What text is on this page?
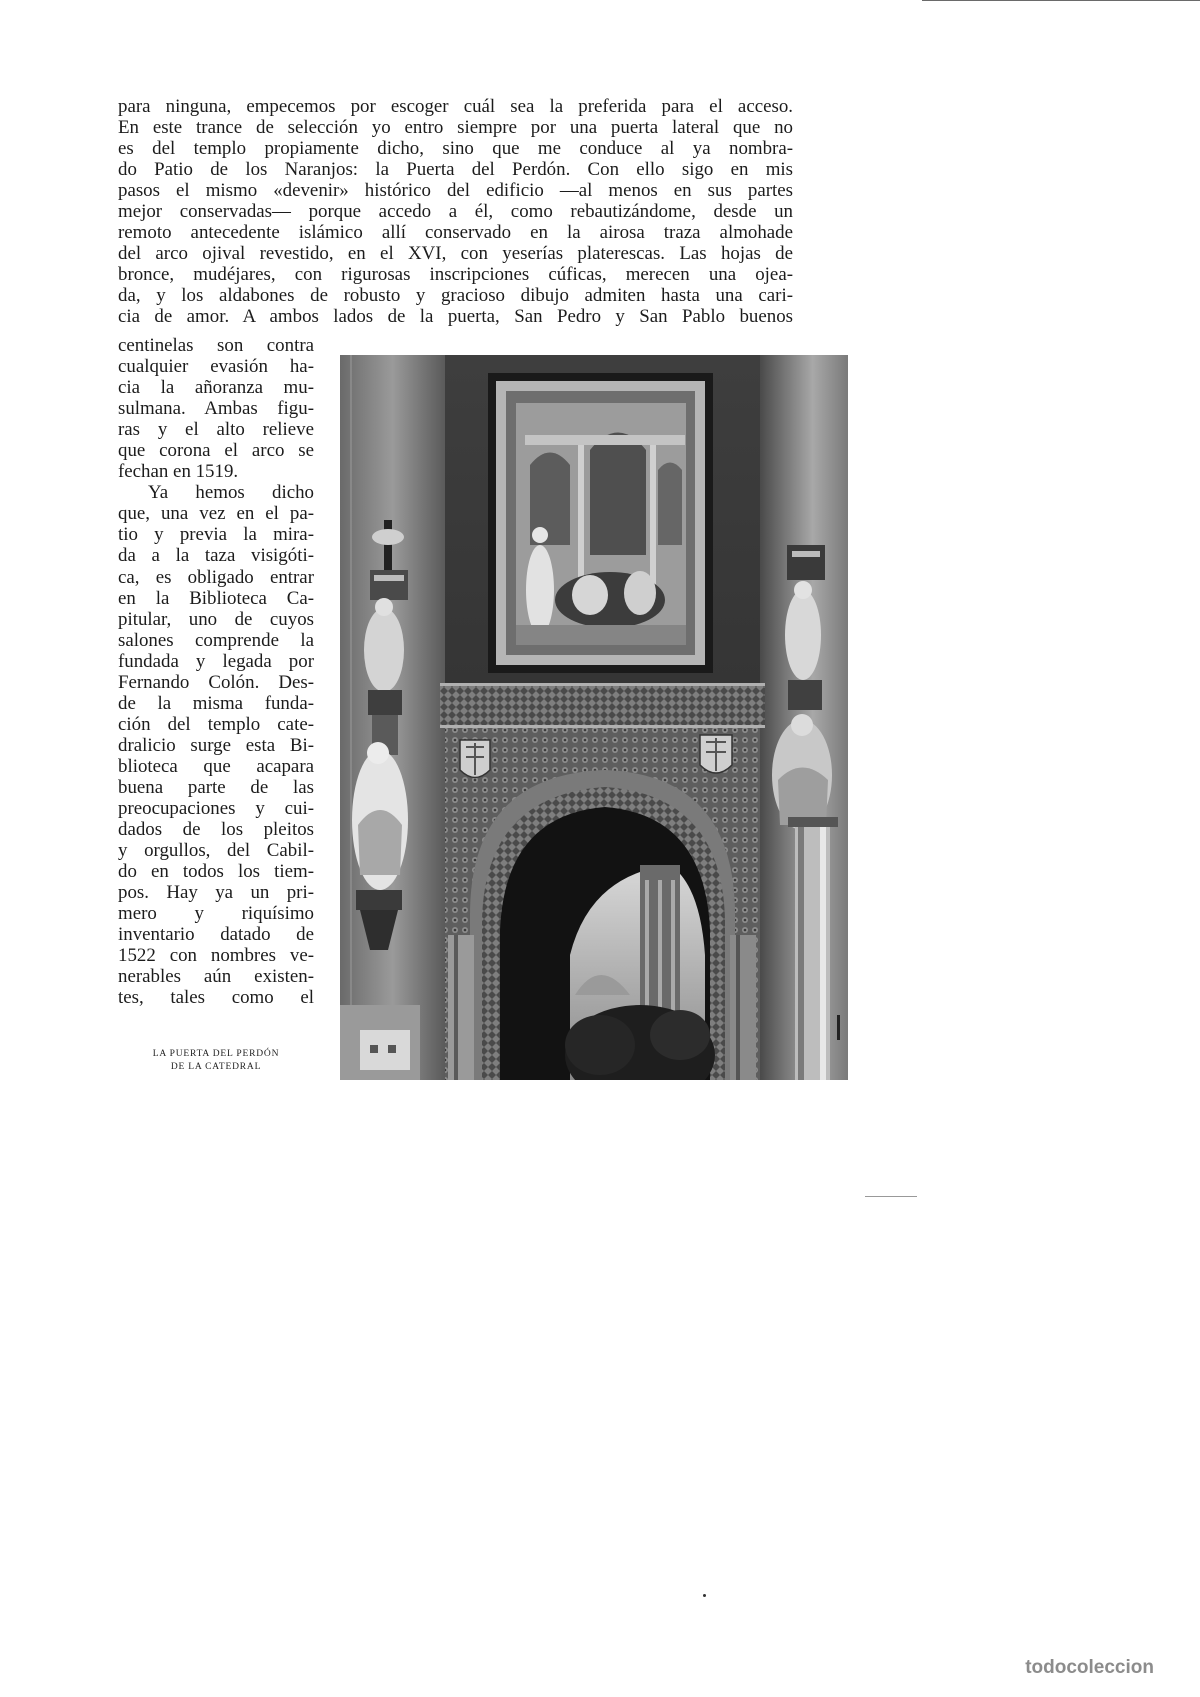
para ninguna, empecemos por escoger cuál sea la preferida para el acceso.
En este trance de selección yo entro siempre por una puerta lateral que no
es del templo propiamente dicho, sino que me conduce al ya nombra-
do Patio de los Naranjos: la Puerta del Perdón. Con ello sigo en mis
pasos el mismo «devenir» histórico del edificio —al menos en sus partes
mejor conservadas— porque accedo a él, como rebautizándome, desde un
remoto antecedente islámico allí conservado en la airosa traza almohade
del arco ojival revestido, en el XVI, con yeserías platerescas. Las hojas de
bronce, mudéjares, con rigurosas inscripciones cúficas, merecen una ojea-
da, y los aldabones de robusto y gracioso dibujo admiten hasta una cari-
cia de amor. A ambos lados de la puerta, San Pedro y San Pablo buenos
centinelas son contra
cualquier evasión ha-
cia la añoranza mu-
sulmana. Ambas figu-
ras y el alto relieve
que corona el arco se
fechan en 1519.
Ya hemos dicho
que, una vez en el pa-
tio y previa la mira-
da a la taza visigóti-
ca, es obligado entrar
en la Biblioteca Ca-
pitular, uno de cuyos
salones comprende la
fundada y legada por
Fernando Colón. Des-
de la misma funda-
ción del templo cate-
dralicio surge esta Bi-
blioteca que acapara
buena parte de las
preocupaciones y cui-
dados de los pleitos
y orgullos, del Cabil-
do en todos los tiem-
pos. Hay ya un pri-
mero y riquísimo
inventario datado de
1522 con nombres ve-
nerables aún existen-
tes, tales como el
LA PUERTA DEL PERDÓN
DE LA CATEDRAL
todocoleccion
